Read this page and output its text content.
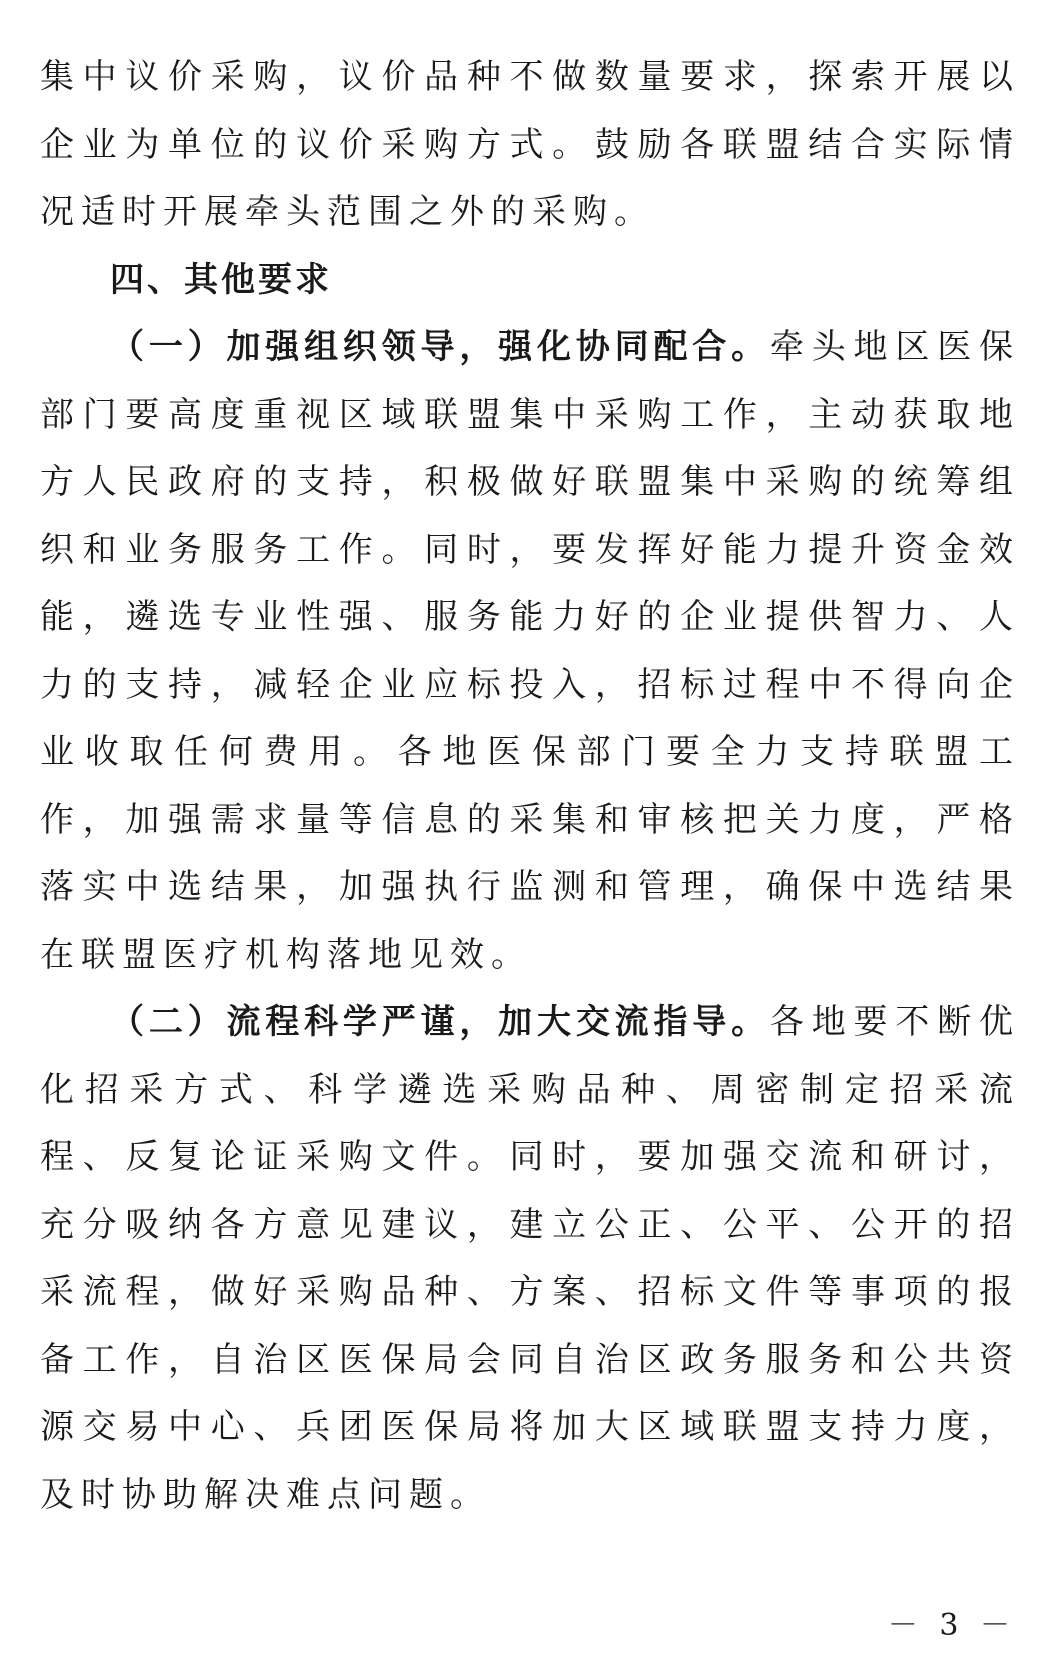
集中议价采购，议价品种不做数量要求，探索开展以企业为单位的议价采购方式。鼓励各联盟结合实际情况适时开展牵头范围之外的采购。

四、其他要求

（一）加强组织领导，强化协同配合。牵头地区医保部门要高度重视区域联盟集中采购工作，主动获取地方人民政府的支持，积极做好联盟集中采购的统筹组织和业务服务工作。同时，要发挥好能力提升资金效能，遴选专业性强、服务能力好的企业提供智力、人力的支持，减轻企业应标投入，招标过程中不得向企业收取任何费用。各地医保部门要全力支持联盟工作，加强需求量等信息的采集和审核把关力度，严格落实中选结果，加强执行监测和管理，确保中选结果在联盟医疗机构落地见效。

（二）流程科学严谨，加大交流指导。各地要不断优化招采方式、科学遴选采购品种、周密制定招采流程、反复论证采购文件。同时，要加强交流和研讨，充分吸纳各方意见建议，建立公正、公平、公开的招采流程，做好采购品种、方案、招标文件等事项的报备工作，自治区医保局会同自治区政务服务和公共资源交易中心、兵团医保局将加大区域联盟支持力度，及时协助解决难点问题。

－ 3 －
